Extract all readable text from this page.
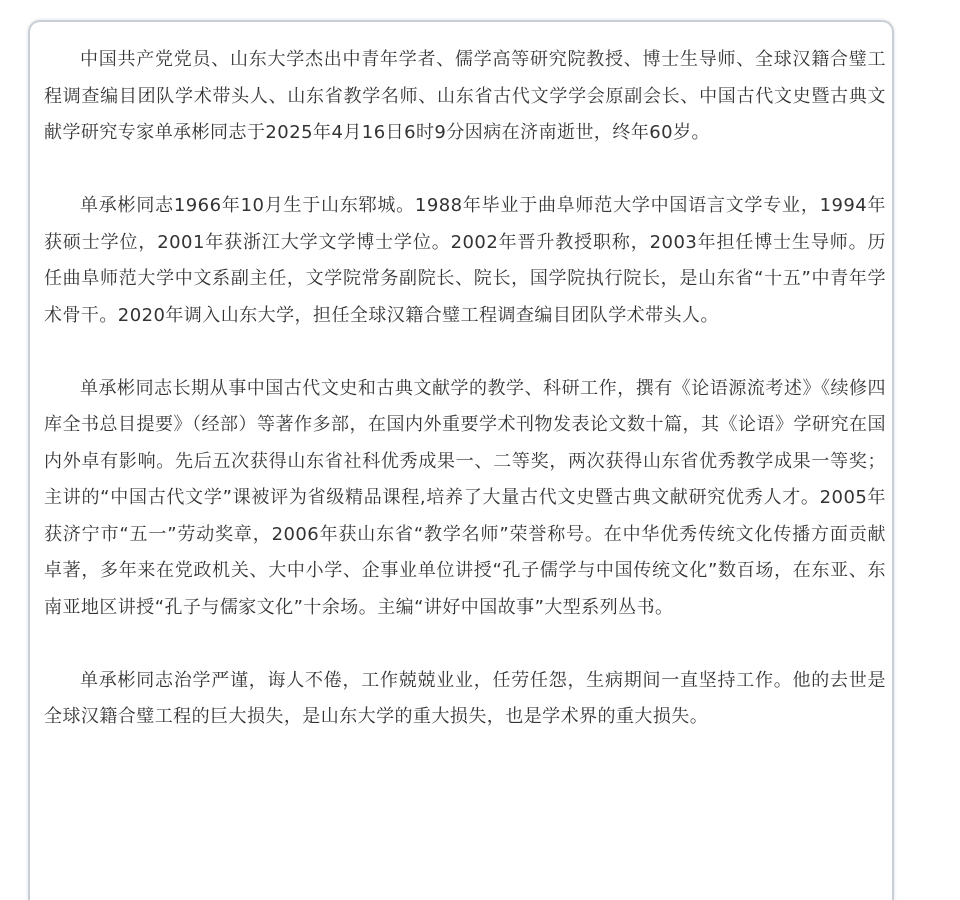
中国共产党党员、山东大学杰出中青年学者、儒学高等研究院教授、博士生导师、全球汉籍合璧工程调查编目团队学术带头人、山东省教学名师、山东省古代文学学会原副会长、中国古代文史暨古典文献学研究专家单承彬同志于2025年4月16日6时9分因病在济南逝世，终年60岁。

单承彬同志1966年10月生于山东郓城。1988年毕业于曲阜师范大学中国语言文学专业，1994年获硕士学位，2001年获浙江大学文学博士学位。2002年晋升教授职称，2003年担任博士生导师。历任曲阜师范大学中文系副主任，文学院常务副院长、院长，国学院执行院长，是山东省“十五”中青年学术骨干。2020年调入山东大学，担任全球汉籍合璧工程调查编目团队学术带头人。

单承彬同志长期从事中国古代文史和古典文献学的教学、科研工作，撰有《论语源流考述》《续修四库全书总目提要》（经部）等著作多部，在国内外重要学术刊物发表论文数十篇，其《论语》学研究在国内外卓有影响。先后五次获得山东省社科优秀成果一、二等奖，两次获得山东省优秀教学成果一等奖；主讲的“中国古代文学”课被评为省级精品课程,培养了大量古代文史暨古典文献研究优秀人才。2005年获济宁市“五一”劳动奖章，2006年获山东省“教学名师”荣誉称号。在中华优秀传统文化传播方面贡献卓著，多年来在党政机关、大中小学、企事业单位讲授“孔子儒学与中国传统文化”数百场，在东亚、东南亚地区讲授“孔子与儒家文化”十余场。主编“讲好中国故事”大型系列丛书。

单承彬同志治学严谨，诲人不倦，工作兢兢业业，任劳任怨，生病期间一直坚持工作。他的去世是全球汉籍合璧工程的巨大损失，是山东大学的重大损失，也是学术界的重大损失。
